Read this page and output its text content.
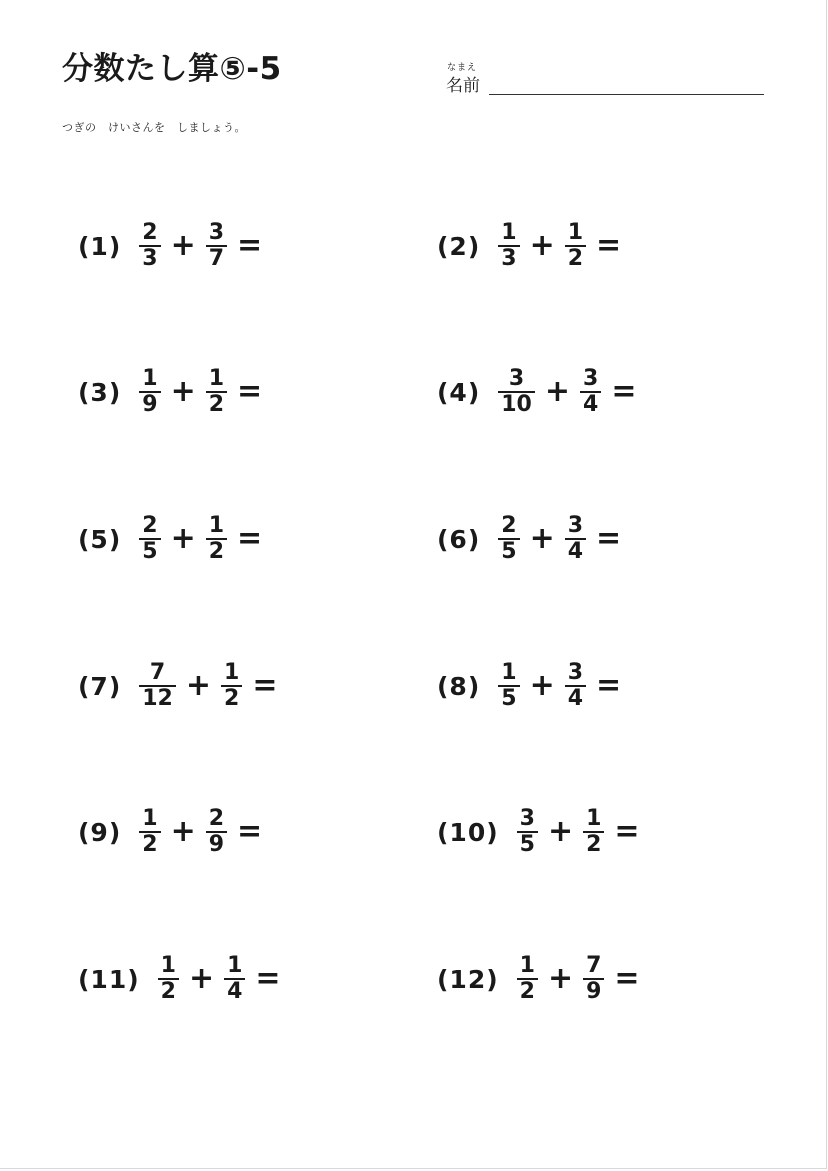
分数たし算⑤-5	なまえ
名前
つぎの　けいさんを　しましょう。
$(1) \frac{2}{3} + \frac{3}{7}$ =	$(2) \frac{1}{3} + \frac{1}{2}$ =
$(3) \frac{1}{9} + \frac{1}{2}$ =	$(4) \frac{3}{10} + \frac{3}{4}$ =
$(5) \frac{2}{5} + \frac{1}{2}$ =	$(6) \frac{2}{5} + \frac{3}{4}$ =
$(7) \frac{7}{12} + \frac{1}{2}$ =	$(8) \frac{1}{5} + \frac{3}{4}$ =
$(9) \frac{1}{2} + \frac{2}{9}$ =	$(10) \frac{3}{5} + \frac{1}{2}$ =
$(11) \frac{1}{2} + \frac{1}{4}$ =	$(12) \frac{1}{2} + \frac{7}{9}$ =
